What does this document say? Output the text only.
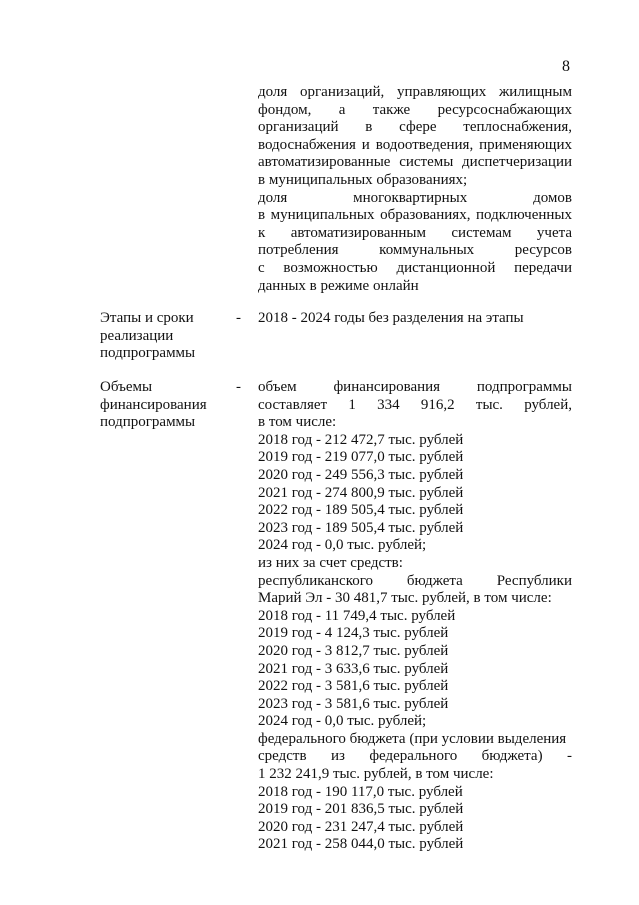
8
доля организаций, управляющих жилищным
фондом, а также ресурсоснабжающих
организаций в сфере теплоснабжения,
водоснабжения и водоотведения, применяющих
автоматизированные системы диспетчеризации
в муниципальных образованиях;
доля многоквартирных домов
в муниципальных образованиях, подключенных
к автоматизированным системам учета
потребления коммунальных ресурсов
с возможностью дистанционной передачи
данных в режиме онлайн
Этапы и сроки
реализации
подпрограммы
- 2018 - 2024 годы без разделения на этапы
Объемы
финансирования
подпрограммы
- объем финансирования подпрограммы
составляет 1 334 916,2 тыс. рублей,
в том числе:
2018 год - 212 472,7 тыс. рублей
2019 год - 219 077,0 тыс. рублей
2020 год - 249 556,3 тыс. рублей
2021 год - 274 800,9 тыс. рублей
2022 год - 189 505,4 тыс. рублей
2023 год - 189 505,4 тыс. рублей
2024 год - 0,0 тыс. рублей;
из них за счет средств:
республиканского бюджета Республики
Марий Эл - 30 481,7 тыс. рублей, в том числе:
2018 год - 11 749,4 тыс. рублей
2019 год - 4 124,3 тыс. рублей
2020 год - 3 812,7 тыс. рублей
2021 год - 3 633,6 тыс. рублей
2022 год - 3 581,6 тыс. рублей
2023 год - 3 581,6 тыс. рублей
2024 год - 0,0 тыс. рублей;
федерального бюджета (при условии выделения
средств из федерального бюджета) -
1 232 241,9 тыс. рублей, в том числе:
2018 год - 190 117,0 тыс. рублей
2019 год - 201 836,5 тыс. рублей
2020 год - 231 247,4 тыс. рублей
2021 год - 258 044,0 тыс. рублей
